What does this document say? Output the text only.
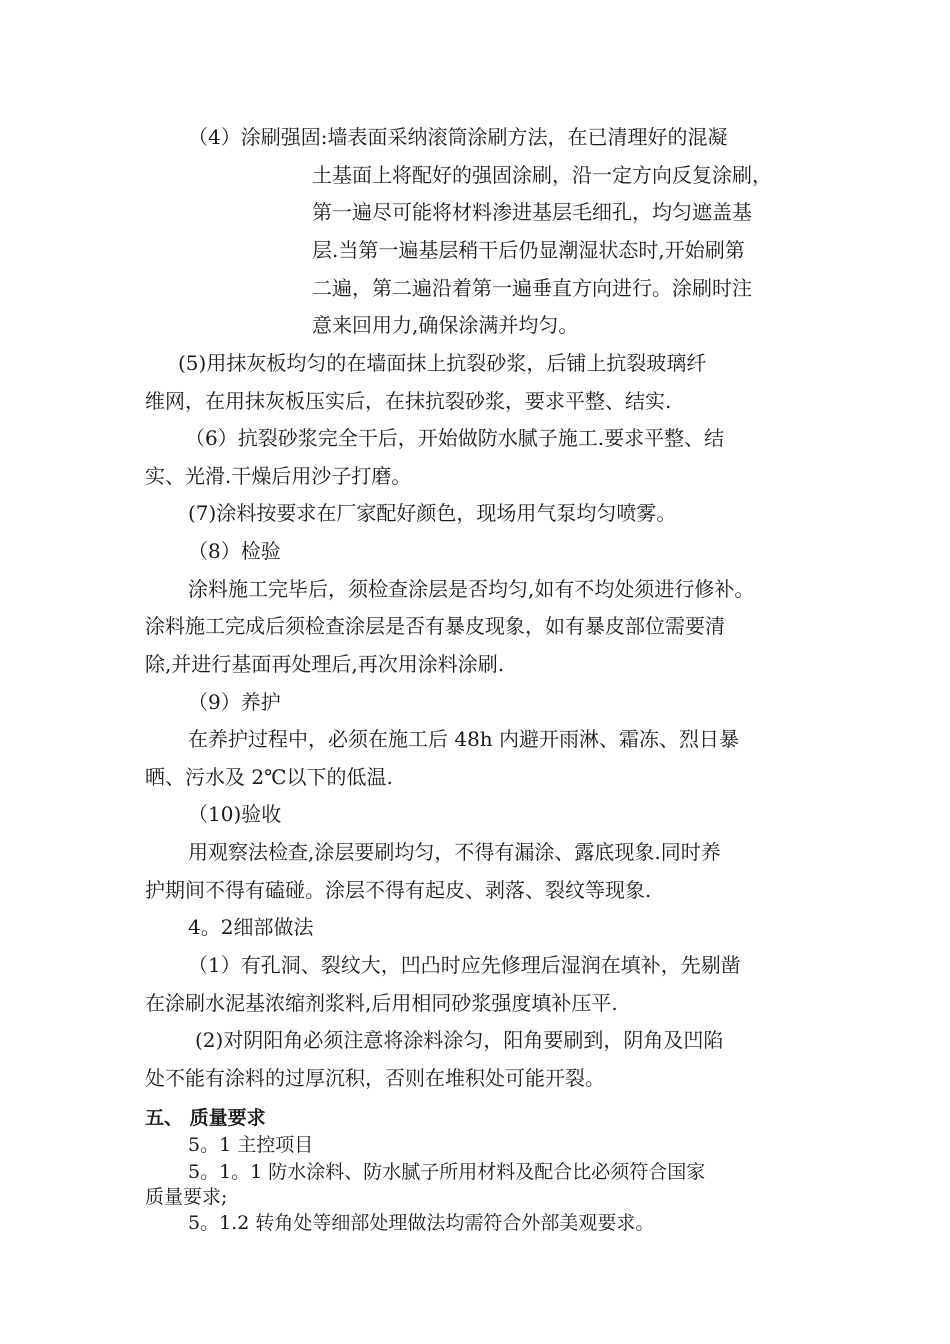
（4）涂刷强固:墙表面采纳滚筒涂刷方法，在已清理好的混凝
土基面上将配好的强固涂刷，沿一定方向反复涂刷，
第一遍尽可能将材料渗进基层毛细孔，均匀遮盖基
层.当第一遍基层稍干后仍显潮湿状态时,开始刷第
二遍，第二遍沿着第一遍垂直方向进行。涂刷时注
意来回用力,确保涂满并均匀。
(5)用抹灰板均匀的在墙面抹上抗裂砂浆，后铺上抗裂玻璃纤
维网，在用抹灰板压实后，在抹抗裂砂浆，要求平整、结实.
（6）抗裂砂浆完全干后，开始做防水腻子施工.要求平整、结
实、光滑.干燥后用沙子打磨。
(7)涂料按要求在厂家配好颜色，现场用气泵均匀喷雾。
（8）检验
涂料施工完毕后，须检查涂层是否均匀,如有不均处须进行修补。
涂料施工完成后须检查涂层是否有暴皮现象，如有暴皮部位需要清
除,并进行基面再处理后,再次用涂料涂刷.
（9）养护
在养护过程中，必须在施工后 48h 内避开雨淋、霜冻、烈日暴
晒、污水及 2℃以下的低温.
（10)验收
用观察法检查,涂层要刷均匀，不得有漏涂、露底现象.同时养
护期间不得有磕碰。涂层不得有起皮、剥落、裂纹等现象.
4。2细部做法
（1）有孔洞、裂纹大，凹凸时应先修理后湿润在填补，先剔凿
在涂刷水泥基浓缩剂浆料,后用相同砂浆强度填补压平.
(2)对阴阳角必须注意将涂料涂匀，阳角要刷到，阴角及凹陷
处不能有涂料的过厚沉积，否则在堆积处可能开裂。
五、 质量要求
5。1 主控项目
5。1。1 防水涂料、防水腻子所用材料及配合比必须符合国家
质量要求;
5。1.2 转角处等细部处理做法均需符合外部美观要求。
